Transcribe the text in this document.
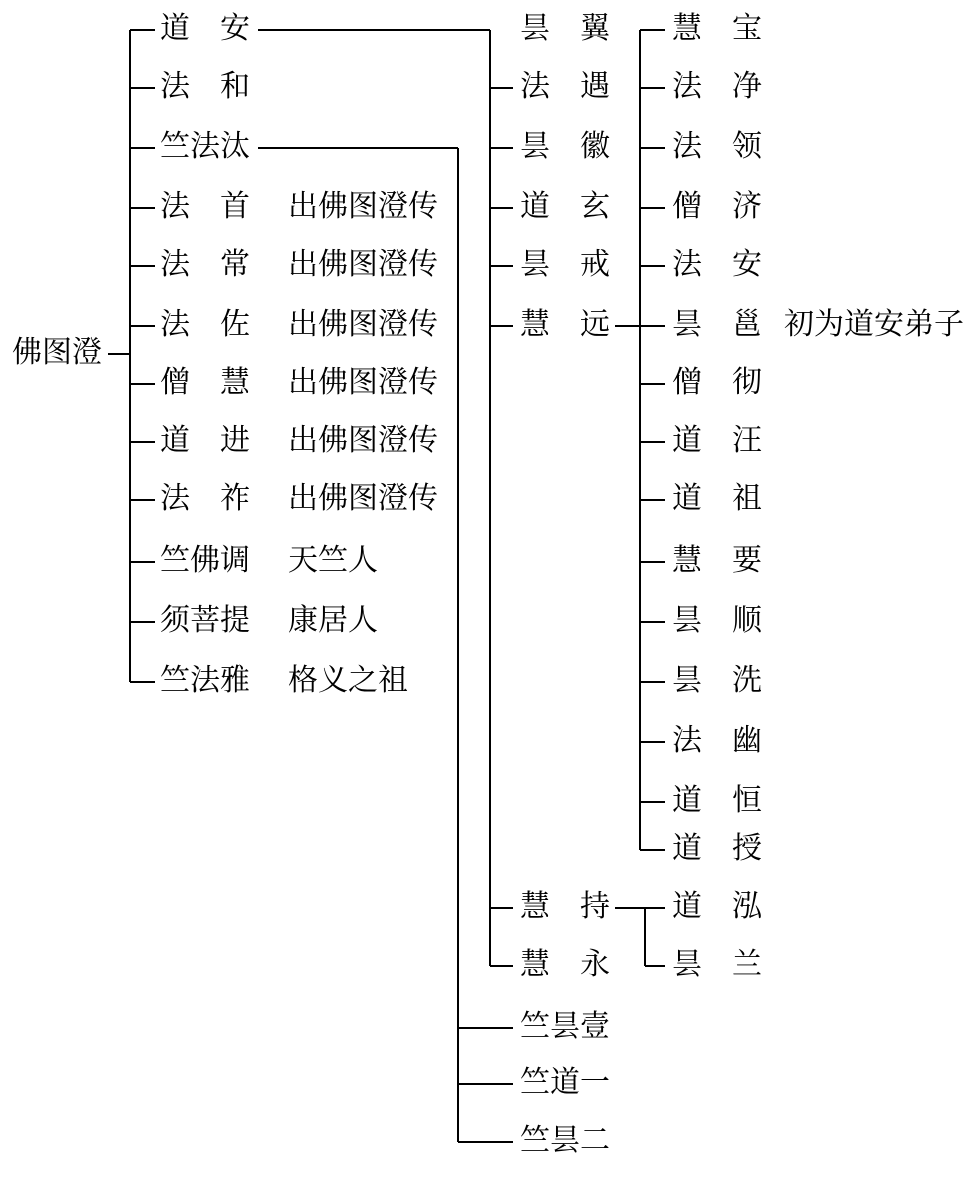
佛图澄
道　安
法　和
竺法汰
法　首
法　常
法　佐
僧　慧
道　进
法　祚
竺佛调
须菩提
竺法雅
出佛图澄传
出佛图澄传
出佛图澄传
出佛图澄传
出佛图澄传
出佛图澄传
天竺人
康居人
格义之祖
昙　翼
法　遇
昙　徽
道　玄
昙　戒
慧　远
慧　持
慧　永
慧　宝
法　净
法　领
僧　济
法　安
昙　邕
僧　彻
道　汪
道　祖
慧　要
昙　顺
昙　洗
法　幽
道　恒
道　授
初为道安弟子
道　泓
昙　兰
竺昙壹
竺道一
竺昙二
